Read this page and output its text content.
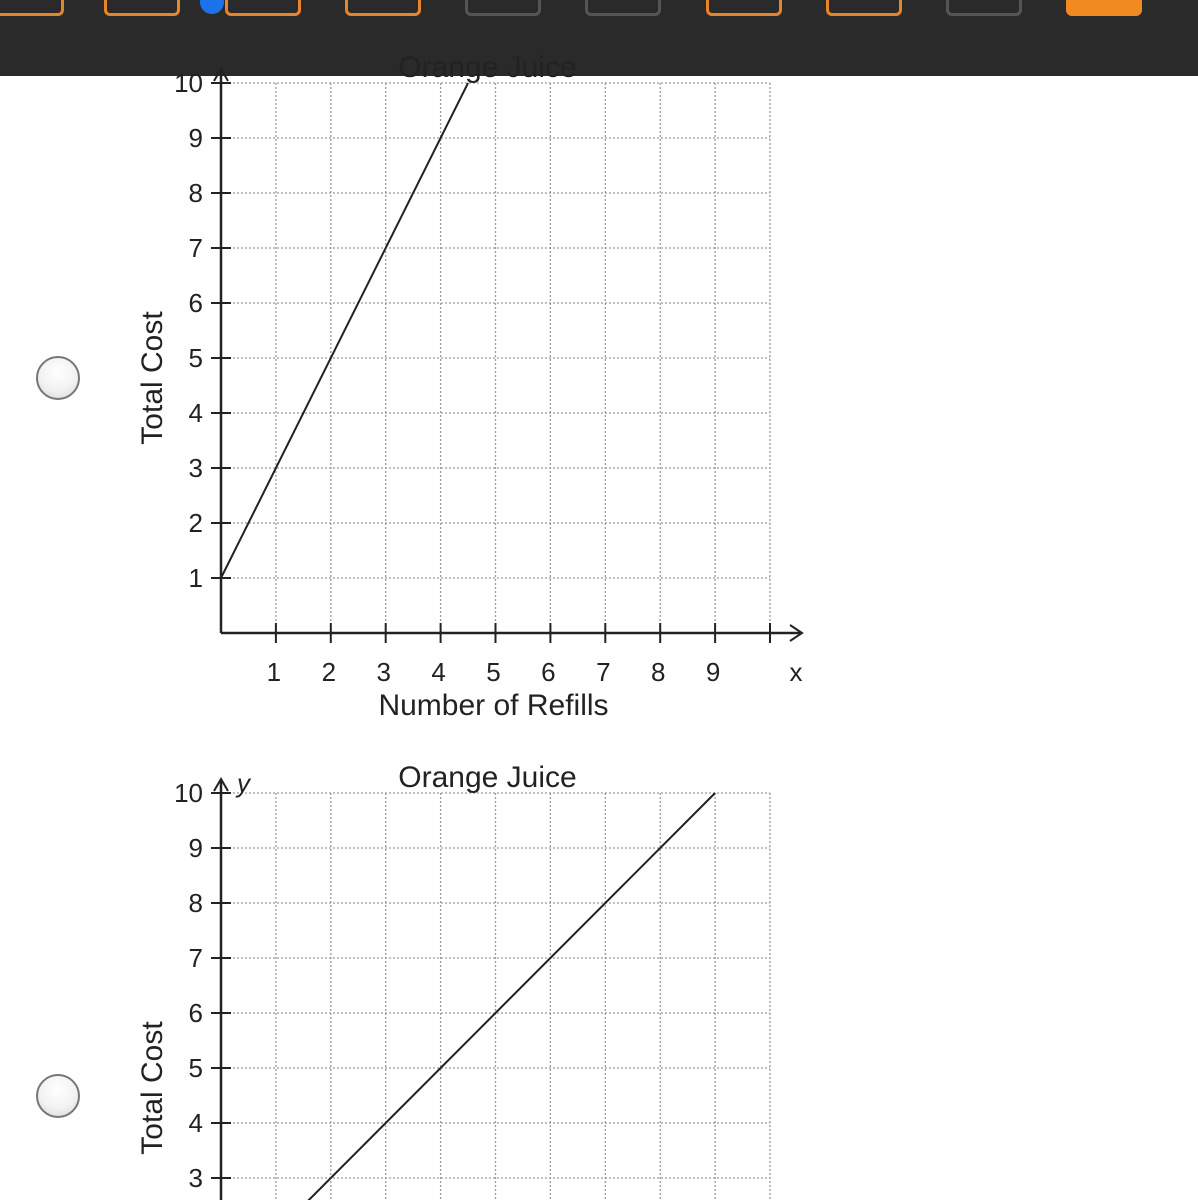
1
2
3
4
5
6
7
8
9
10
1 2 3 4 5 6 7 8 9	x
Number of Refills
Total Cost
Orange Juice
3
4
5
6
7
8
9
10 y
Total Cost
Orange Juice
